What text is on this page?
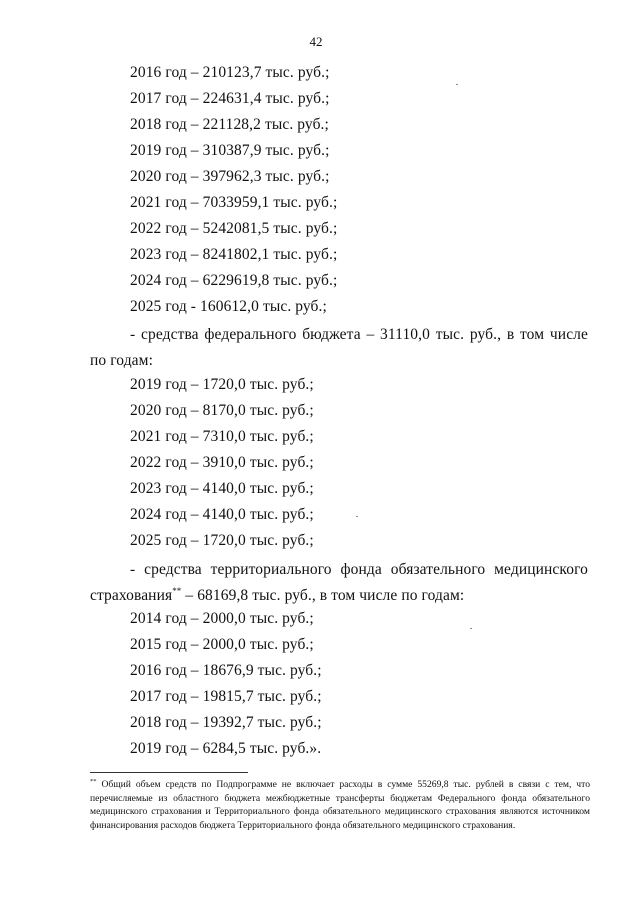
42
2016 год – 210123,7 тыс. руб.;
2017 год – 224631,4 тыс. руб.;
2018 год – 221128,2 тыс. руб.;
2019 год – 310387,9 тыс. руб.;
2020 год – 397962,3 тыс. руб.;
2021 год – 7033959,1 тыс. руб.;
2022 год – 5242081,5 тыс. руб.;
2023 год – 8241802,1 тыс. руб.;
2024 год – 6229619,8 тыс. руб.;
2025 год - 160612,0 тыс. руб.;
- средства федерального бюджета – 31110,0 тыс. руб., в том числе по годам:
2019 год – 1720,0 тыс. руб.;
2020 год – 8170,0 тыс. руб.;
2021 год – 7310,0 тыс. руб.;
2022 год – 3910,0 тыс. руб.;
2023 год – 4140,0 тыс. руб.;
2024 год – 4140,0 тыс. руб.;
2025 год – 1720,0 тыс. руб.;
- средства территориального фонда обязательного медицинского страхования** – 68169,8 тыс. руб., в том числе по годам:
2014 год – 2000,0 тыс. руб.;
2015 год – 2000,0 тыс. руб.;
2016 год – 18676,9 тыс. руб.;
2017 год – 19815,7 тыс. руб.;
2018 год – 19392,7 тыс. руб.;
2019 год – 6284,5 тыс. руб.».
** Общий объем средств по Подпрограмме не включает расходы в сумме 55269,8 тыс. рублей в связи с тем, что перечисляемые из областного бюджета межбюджетные трансферты бюджетам Федерального фонда обязательного медицинского страхования и Территориального фонда обязательного медицинского страхования являются источником финансирования расходов бюджета Территориального фонда обязательного медицинского страхования.
